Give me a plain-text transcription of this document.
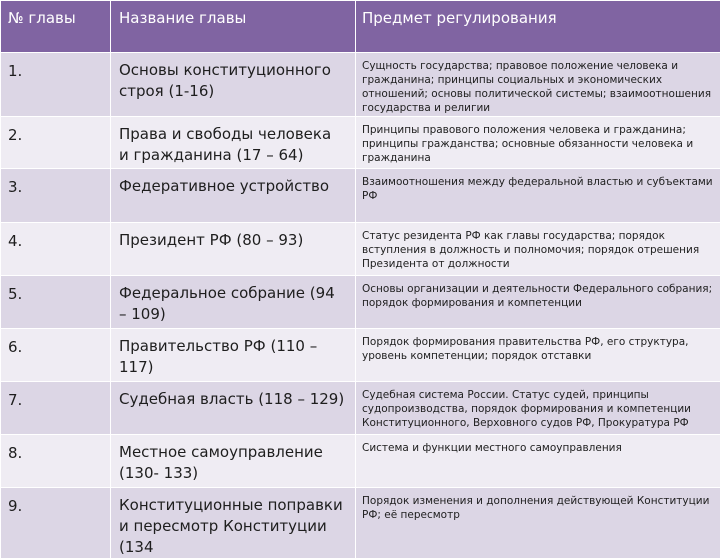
№ главы	Название главы	Предмет регулирования
1.	Основы конституционного строя (1-16)	Сущность государства; правовое положение человека и гражданина; принципы социальных и экономических отношений; основы политической системы; взаимоотношения государства и религии
2.	Права и свободы человека и гражданина (17 – 64)	Принципы правового положения человека и гражданина; принципы гражданства; основные обязанности человека и гражданина
3.	Федеративное устройство	Взаимоотношения между федеральной властью и субъектами РФ
4.	Президент РФ (80 – 93)	Статус резидента РФ как главы государства; порядок вступления в должность и полномочия; порядок отрешения Президента от должности
5.	Федеральное собрание (94 – 109)	Основы организации и деятельности Федерального собрания; порядок формирования и компетенции
6.	Правительство РФ (110 – 117)	Порядок формирования правительства РФ, его структура, уровень компетенции; порядок отставки
7.	Судебная власть (118 – 129)	Судебная система России. Статус судей, принципы судопроизводства, порядок формирования и компетенции Конституционного, Верховного судов РФ, Прокуратура РФ
8.	Местное самоуправление (130- 133)	Система и функции местного самоуправления
9.	Конституционные поправки и пересмотр Конституции (134	Порядок изменения и дополнения действующей Конституции РФ; её пересмотр
